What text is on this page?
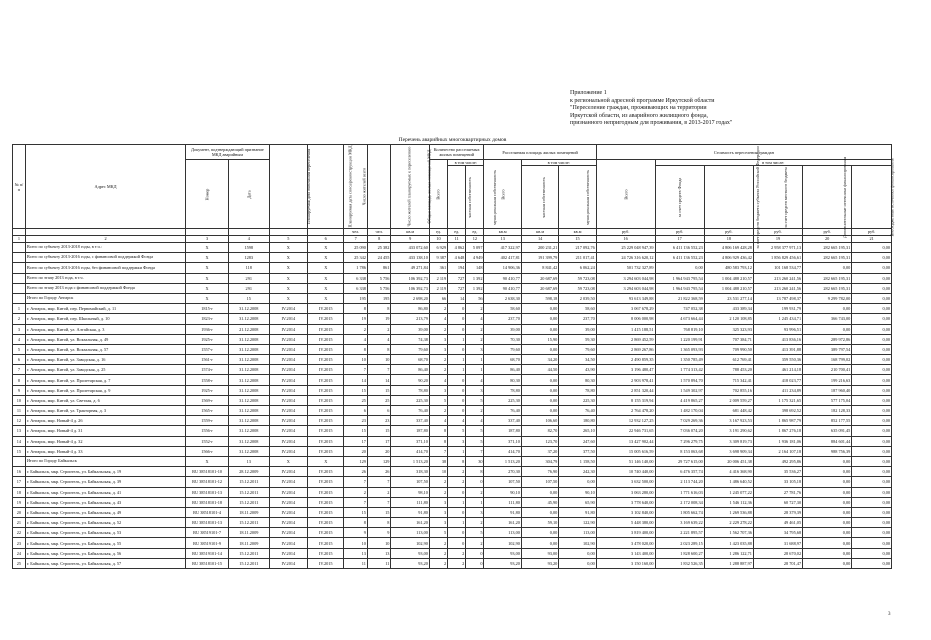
Приложение 1
к региональной адресной программе Иркутской области
"Переселение граждан, проживающих на территории
Иркутской области, из аварийного жилищного фонда,
признанного непригодным для проживания, в 2013-2017 годах"
Перечень аварийных многоквартирных домов
№ п/п	Адрес МКД	Документ, подтверждающий признание МКД аварийным		Планируемая дата окончания переселения	Планируемая дата сноса/реконструкции МКД	Число жителей всего	Число жителей планируемых к переселению	Общая площадь жилых помещений МКД	Количество расселяемых жилых помещений			Расселяемая площадь жилых помещений			Стоимость переселения граждан					
		Номер	Дата						Всего	в том числе:		Всего	в том числе:		Всего	в том числе:				
										частная собственность	муниципальная собственность		частная собственность	муниципальная собственность		за счет средств Фонда	за счет средств бюджета субъекта Российской Федерации	за счет средств местного бюджета	Дополнительные источники финансирования	Внебюджетные источники финансирования
						чел.	чел.	кв.м	ед.	ед.	ед.	кв.м	кв.м	кв.м	руб.	руб.	руб.	руб.	руб.	руб.
1	2	3	4	5	6	7	8	9	10	11	12	13	14	15	16	17	18	19	20	21
	Всего по субъекту 2013-2018 годы, в т.ч.:	X	1598	X	X	25 090	25 382	433 072,60	6 929	4 862	5 097	417 322,97	200 231,21	217 092,76	25 229 048 947,39	6 411 136 552,23	4 806 169 428,28	2 958 377 971,13	282 665 195,31	0,00
	Всего по субъекту 2013-2016 годы, с финансовой поддержкой Фонда	X	1283	X	X	25 342	24 455	433 138,10	9 387	4 648	4 949	402 417,81	191 399,79	211 017,41	24 726 316 620,12	6 411 136 552,23	4 806 929 436,42	1 856 829 456,61	282 665 195,31	0,00
	Всего по субъекту 2013-2016 годы, без финансовой поддержки Фонда	X	118	X	X	1 786	861	49 271,84	361	194	148	14 906,36	8 841,42	6 062,24	501 732 327,89	0,00	480 583 793,12	101 168 534,77	0,00	0,00
	Всего по этапу 2013 года, в т.ч.	X	291	X	X	6 338	5 756	106 392,73	2 119	727	1 392	90 410,77	20 687,69	59 723,08	3 294 603 044,98	1 964 943 795,54	1 004 488 210,57	213 260 241,56	282 665 195,31	0,00
	Всего по этапу 2013 года с финансовой поддержкой Фонда	X	291	X	X	6 338	5 756	106 392,73	2 119	727	1 392	90 410,77	20 687,69	59 723,08	3 294 603 044,98	1 964 943 795,54	1 004 488 210,57	213 260 241,56	282 665 195,31	0,00
	Итого по Городу Ангарск	X	15	X	X	195	195	2 698,20	66	14	56	2 638,30	598,18	2 039,50	93 613 349,88	21 822 368,59	23 531 277,14	13 787 498,37	9 299 782,00	0,00
1	г. Ангарск, мкр. Китой, пер. Первомайский, д. 11	1815-г	31.12.2008	IV.2014	IV.2015	8	8	86,80	2	0	2	58,60	0,00	58,60	3 067 678,29	747 052,38	433 389,34	199 931,79	0,00	0,00
2	г. Ангарск, мкр. Китой, пер. Школьный, д. 10	1823-г	31.12.2008	IV.2014	IV.2015	19	19	213,79	4	0	4	237,70	0,00	237,70	8 006 000,98	4 673 664,44	2 120 108,85	1 245 434,71	366 743,00	0,00
3	г. Ангарск, мкр. Китой, ул. Алтайская, д. 3	1936-г	21.12.2008	IV.2014	IV.2015	2	2	39,00	2	0	2	39,00	0,00	39,00	1 415 188,51	768 819,10	325 323,93	93 996,51	0,00	0,00
4	г. Ангарск, мкр. Китой, ул. Вокзальная, д. 49	1925-г	31.12.2008	IV.2014	IV.2015	4	4	74,38	3	1	2	70,30	15,90	59,30	2 869 452,59	1 220 199,91	707 384,71	413 836,16	289 972,86	0,00
5	г. Ангарск, мкр. Китой, ул. Вокзальная, д. 57	1557-г	31.12.2008	IV.2014	IV.2015	8	8	79,60	3	0	3	79,60	0,00	79,60	2 869 267,86	1 365 093,93	709 990,50	413 391,88	389 797,54	0,00
6	г. Ангарск, мкр. Китой, ул. Заводская, д. 16	1561-г	31.12.2008	IV.2014	IV.2015	10	10	68,70	2	1	1	68,70	34,20	34,50	2 490 859,35	1 350 785,49	612 769,41	359 550,36	168 799,02	0,00
7	г. Ангарск, мкр. Китой, ул. Заводская, д. 25	1574-г	31.12.2008	IV.2014	IV.2015	7	7	86,40	2	1	1	86,40	44,50	43,90	3 196 480,47	1 774 313,42	788 453,20	461 214,18	210 700,41	0,00
8	г. Ангарск, мкр. Китой, ул. Пролетарская, д. 7	1558-г	31.12.2008	IV.2014	IV.2015	14	14	90,20	4	0	4	80,30	0,00	80,30	2 903 978,41	1 570 894,70	715 342,41	418 023,77	199 216,63	0,00
9	г. Ангарск, мкр. Китой, ул. Пролетарская, д. 9	1925-г	31.12.2008	IV.2014	IV.2015	15	15	78,80	3	0	3	78,80	0,00	78,80	2 851 320,44	1 549 302,97	702 855,16	411 234,89	187 960,40	0,00
10	г. Ангарск, мкр. Китой, ул. Светлая, д. 6	1569-г	31.12.2008	IV.2014	IV.2015	25	25	225,30	5	0	5	225,30	0,00	225,30	8 155 319,94	4 419 865,27	2 009 559,27	1 175 321,65	577 175,04	0,00
11	г. Ангарск, мкр. Китой, ул. Тракторная, д. 3	1565-г	31.12.2008	IV.2014	IV.2015	6	6	76,40	2	0	2	76,40	0,00	76,40	2 764 478,20	1 482 170,04	681 448,42	398 692,52	182 128,33	0,00
12	г. Ангарск, мкр. Новый-4 д. 26	1559-г	31.12.2008	IV.2014	IV.2015	23	23	337,40	4	4	4	337,40	106,60	180,80	12 932 127,25	7 029 269,36	3 167 923,53	1 865 987,79	852 177,55	0,00
13	г. Ангарск, мкр. Новый-4 д. 31	1556-г	31.12.2008	IV.2014	IV.2015	15	15	187,80	8	5	5	187,80	82,70	265,10	22 946 731,65	7 036 074,20	3 191 290,62	1 867 276,18	635 091,45	0,00
14	г. Ангарск, мкр. Новый-4 д. 32	1552-г	31.12.2008	IV.2014	IV.2015	17	17	371,10	8	3	5	371,10	123,70	247,60	13 427 902,44	7 296 279,75	3 309 819,73	1 936 181,06	884 601,44	0,00
15	г. Ангарск, мкр. Новый-4 д. 33	1566-г	31.12.2008	IV.2014	IV.2015	20	20	414,70	7	1	7	414,70	37,20	377,50	15 005 616,59	8 153 063,68	3 698 909,34	2 164 107,18	988 756,39	0,00
	Итого по Городу Байкальск	X	13	X	X	129	129	1 513,20	38	8	30	1 513,20	304,79	1 158,50	51 146 140,00	29 727 615,00	20 006 451,38	492 295,86	0,00	0,00
16	г. Байкальск, мкр. Строитель, ул. Байкальская, д. 19	RU 38518101-10	28.12.2009	IV.2014	IV.2015	26	26	318,30	10	2	8	270,30	76,90	242,30	10 740 440,00	6 476 357,74	4 416 368,90	35 536,27	0,00	0,00
17	г. Байкальск, мкр. Строитель, ул. Байкальская, д. 39	RU 38518101-12	15.12.2011	IV.2014	IV.2015	7	7	107,50	2	2	0	107,50	107,50	0,00	3 632 500,00	2 113 744,20	1 486 640,52	33 105,18	0,00	0,00
18	г. Байкальск, мкр. Строитель, ул. Байкальская, д. 41	RU 38518101-13	15.12.2011	IV.2014	IV.2015	2	2	98,10	2	0	2	90,10	0,00	90,10	3 063 280,00	1 771 616,03	1 245 077,22	27 781,76	0,00	0,00
19	г. Байкальск, мкр. Строитель, ул. Байкальская, д. 43	RU 38518101-18	15.12.2011	IV.2014	IV.2015	7	7	111,80	3	1	1	111,80	45,90	65,90	3 778 640,00	2 172 008,34	1 546 112,36	60 727,30	0,00	0,00
20	г. Байкальск, мкр. Строитель, ул. Байкальская, д. 49	RU 38518101-4	18.11.2009	IV.2014	IV.2015	15	15	91,80	3	0	3	91,80	0,00	91,80	3 102 840,00	1 805 662,74	1 269 536,88	28 379,39	0,00	0,00
21	г. Байкальск, мкр. Строитель, ул. Байкальская, д. 52	RU 38518101-13	15.12.2011	IV.2014	IV.2015	8	8	161,20	3	1	2	161,20	59,10	122,90	5 448 380,00	3 169 639,22	2 229 278,22	49 461,05	0,00	0,00
22	г. Байкальск, мкр. Строитель, ул. Байкальская, д. 53	RU 38519101-7	18.11.2009	IV.2014	IV.2015	9	9	113,00	5	0	5	113,00	0,00	113,00	3 819 400,00	2 221 895,57	1 562 707,36	34 795,68	0,00	0,00
23	г. Байкальск, мкр. Строитель, ул. Байкальская, д. 55	RU 38519101-9	18.11.2009	IV.2014	IV.2015	10	10	102,90	2	0	2	102,90	0,00	102,90	3 478 020,00	2 023 289,15	1 423 035,88	31 688,97	0,00	0,00
24	г. Байкальск, мкр. Строитель, ул. Байкальская, д. 56	RU 38519101-14	15.12.2011	IV.2014	IV.2015	13	13	93,00	2	2	0	93,00	93,00	0,00	3 143 400,00	1 828 600,27	1 286 122,71	28 670,02	0,00	0,00
25	г. Байкальск, мкр. Строитель, ул. Байкальская, д. 57	RU 38518101-15	15.12.2011	IV.2014	IV.2015	11	11	93,20	2	2	0	93,20	93,20	0,00	3 150 160,00	1 832 526,35	1 288 887,97	28 701,47	0,00	0,00
3
